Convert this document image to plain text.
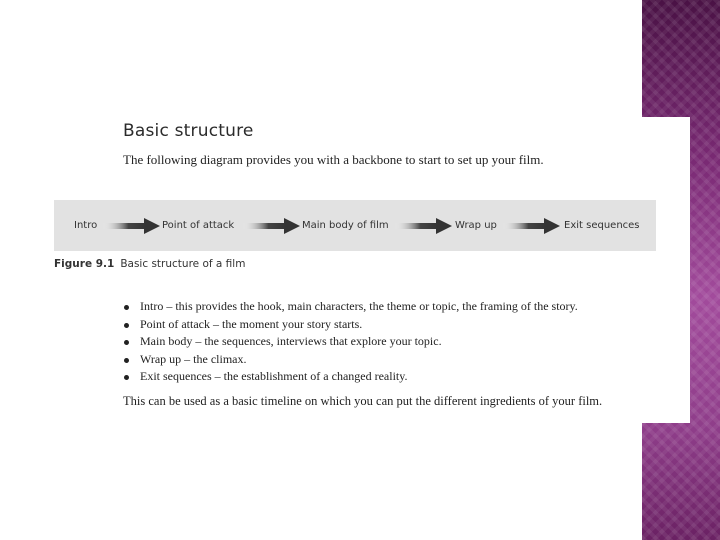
Basic structure
The following diagram provides you with a backbone to start to set up your film.
Intro	Point of attack	Main body of film	Wrap up	Exit sequences
Figure 9.1 Basic structure of a film
Intro – this provides the hook, main characters, the theme or topic, the framing of the story.
Point of attack – the moment your story starts.
Main body – the sequences, interviews that explore your topic.
Wrap up – the climax.
Exit sequences – the establishment of a changed reality.
This can be used as a basic timeline on which you can put the different ingredients of your film.
